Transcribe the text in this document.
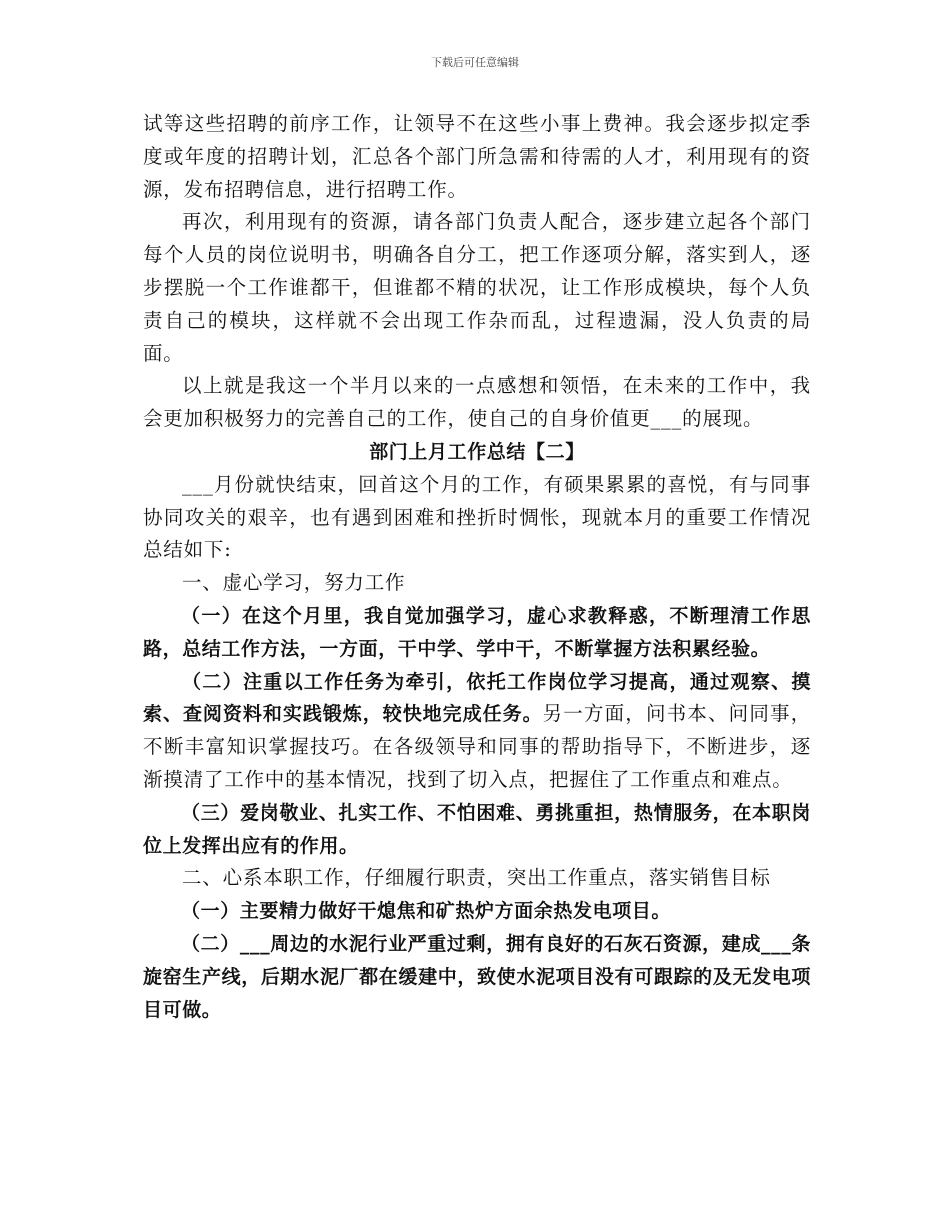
下载后可任意编辑

试等这些招聘的前序工作，让领导不在这些小事上费神。我会逐步拟定季度或年度的招聘计划，汇总各个部门所急需和待需的人才，利用现有的资源，发布招聘信息，进行招聘工作。

再次，利用现有的资源，请各部门负责人配合，逐步建立起各个部门每个人员的岗位说明书，明确各自分工，把工作逐项分解，落实到人，逐步摆脱一个工作谁都干，但谁都不精的状况，让工作形成模块，每个人负责自己的模块，这样就不会出现工作杂而乱，过程遗漏，没人负责的局面。

以上就是我这一个半月以来的一点感想和领悟，在未来的工作中，我会更加积极努力的完善自己的工作，使自己的自身价值更___的展现。

部门上月工作总结【二】

___月份就快结束，回首这个月的工作，有硕果累累的喜悦，有与同事协同攻关的艰辛，也有遇到困难和挫折时惆怅，现就本月的重要工作情况总结如下:

一、虚心学习，努力工作

（一）在这个月里，我自觉加强学习，虚心求教释惑，不断理清工作思路，总结工作方法，一方面，干中学、学中干，不断掌握方法积累经验。

（二）注重以工作任务为牵引，依托工作岗位学习提高，通过观察、摸索、查阅资料和实践锻炼，较快地完成任务。另一方面，问书本、问同事，不断丰富知识掌握技巧。在各级领导和同事的帮助指导下，不断进步，逐渐摸清了工作中的基本情况，找到了切入点，把握住了工作重点和难点。

（三）爱岗敬业、扎实工作、不怕困难、勇挑重担，热情服务，在本职岗位上发挥出应有的作用。

二、心系本职工作，仔细履行职责，突出工作重点，落实销售目标

（一）主要精力做好干熄焦和矿热炉方面余热发电项目。

（二）___周边的水泥行业严重过剩，拥有良好的石灰石资源，建成___条旋窑生产线，后期水泥厂都在缓建中，致使水泥项目没有可跟踪的及无发电项目可做。
